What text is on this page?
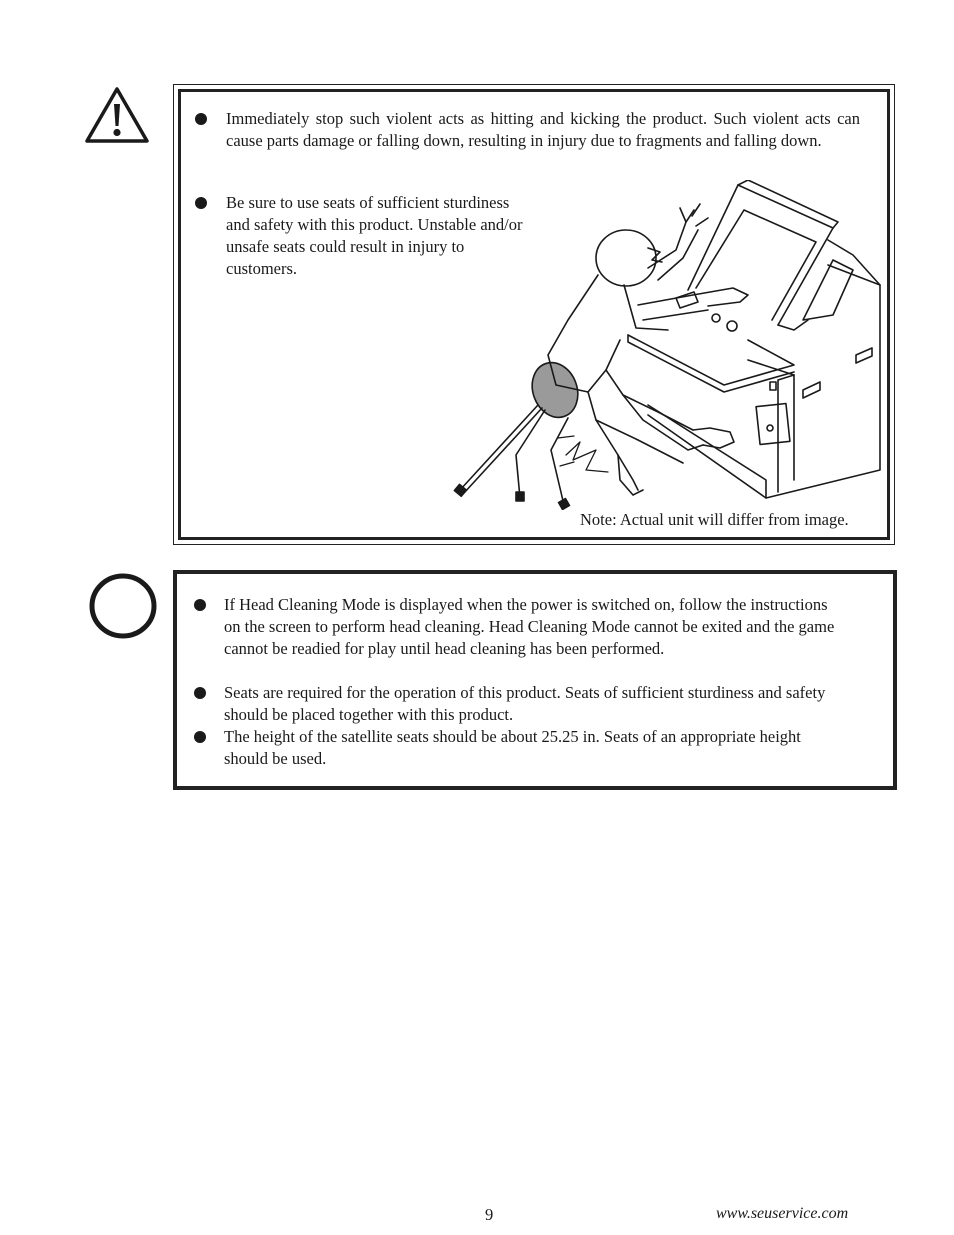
Immediately stop such violent acts as hitting and kicking the product. Such violent acts can cause parts damage or falling down, resulting in injury due to fragments and falling down.
Be sure to use seats of sufficient sturdiness and safety with this product. Unstable and/or unsafe seats could result in injury to customers.
Note: Actual unit will differ from image.
If Head Cleaning Mode is displayed when the power is switched on, follow the instructions on the screen to perform head cleaning. Head Cleaning Mode cannot be exited and the game cannot be readied for play until head cleaning has been performed.
Seats are required for the operation of this product. Seats of sufficient sturdiness and safety should be placed together with this product.
The height of the satellite seats should be about 25.25 in. Seats of an appropriate height should be used.
9	www.seuservice.com
